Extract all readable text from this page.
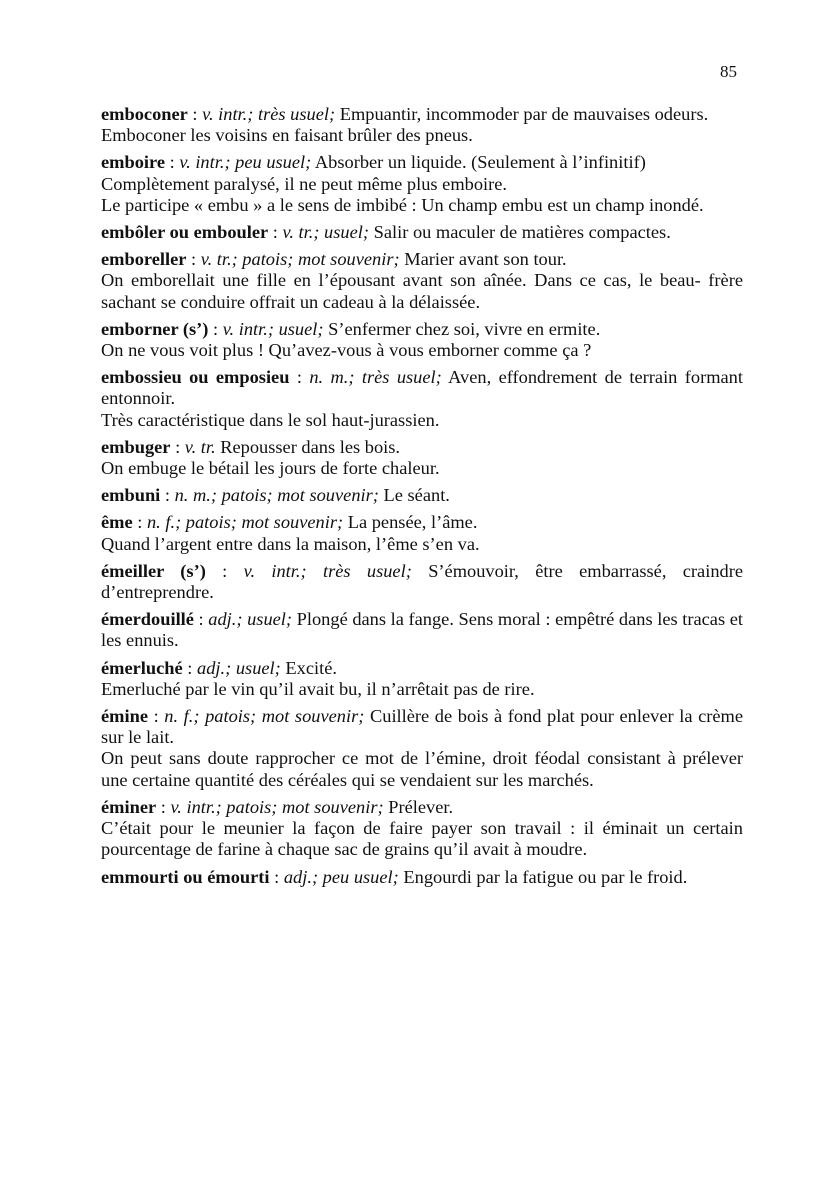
85

emboconer : v. intr.; très usuel; Empuantir, incommoder par de mauvaises odeurs.

Emboconer les voisins en faisant brûler des pneus.

emboire : v. intr.; peu usuel; Absorber un liquide. (Seulement à l’infinitif)

Complètement paralysé, il ne peut même plus emboire.

Le participe « embu » a le sens de imbibé : Un champ embu est un champ inondé.

embôler ou embouler : v. tr.; usuel; Salir ou maculer de matières compactes.

emboreller : v. tr.; patois; mot souvenir; Marier avant son tour.

On emborellait une fille en l’épousant avant son aînée. Dans ce cas, le beau- frère sachant se conduire offrait un cadeau à la délaissée.

emborner (s’) : v. intr.; usuel; S’enfermer chez soi, vivre en ermite.

On ne vous voit plus ! Qu’avez-vous à vous emborner comme ça ?

embossieu ou emposieu : n. m.; très usuel; Aven, effondrement de terrain formant entonnoir.

Très caractéristique dans le sol haut-jurassien.

embuger : v. tr. Repousser dans les bois.

On embuge le bétail les jours de forte chaleur.

embuni : n. m.; patois; mot souvenir; Le séant.

ême : n. f.; patois; mot souvenir; La pensée, l’âme.

Quand l’argent entre dans la maison, l’ême s’en va.

émeiller (s’) : v. intr.; très usuel; S’émouvoir, être embarrassé, craindre d’entreprendre.

émerdouillé : adj.; usuel; Plongé dans la fange. Sens moral : empêtré dans les tracas et les ennuis.

émerluché : adj.; usuel; Excité.

Emerluché par le vin qu’il avait bu, il n’arrêtait pas de rire.

émine : n. f.; patois; mot souvenir; Cuillère de bois à fond plat pour enlever la crème sur le lait.

On peut sans doute rapprocher ce mot de l’émine, droit féodal consistant à prélever une certaine quantité des céréales qui se vendaient sur les marchés.

éminer : v. intr.; patois; mot souvenir; Prélever.

C’était pour le meunier la façon de faire payer son travail : il éminait un certain pourcentage de farine à chaque sac de grains qu’il avait à moudre.

emmourti ou émourti : adj.; peu usuel; Engourdi par la fatigue ou par le froid.
